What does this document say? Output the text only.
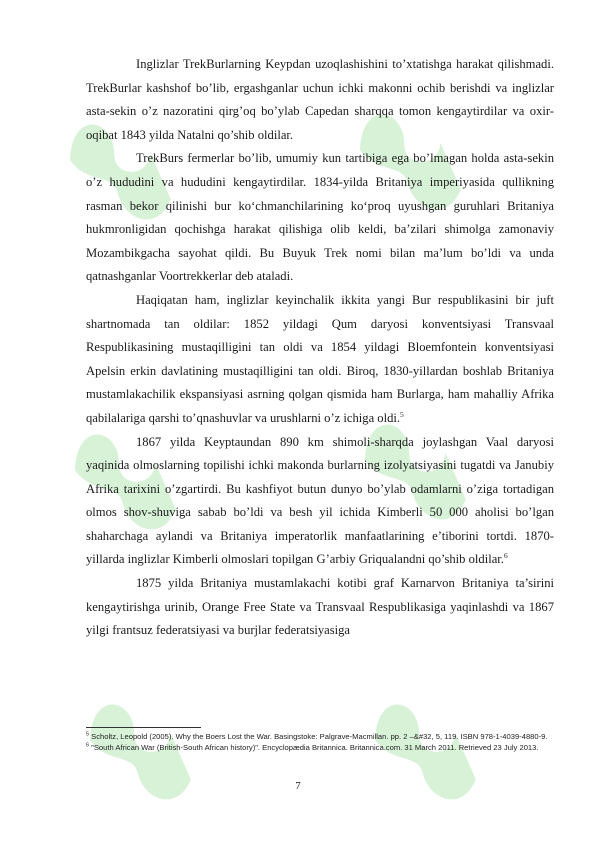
Inglizlar TrekBurlarning Keypdan uzoqlashishini to’xtatishga harakat qilishmadi. TrekBurlar kashshof bo’lib, ergashganlar uchun ichki makonni ochib berishdi va inglizlar asta-sekin o’z nazoratini qirg’oq bo’ylab Capedan sharqqa tomon kengaytirdilar va oxir-oqibat 1843 yilda Natalni qo’shib oldilar.

TrekBurs fermerlar bo’lib, umumiy kun tartibiga ega bo’lmagan holda asta-sekin o’z hududini va hududini kengaytirdilar. 1834-yilda Britaniya imperiyasida qullikning rasman bekor qilinishi bur ko‘chmanchilarining ko‘proq uyushgan guruhlari Britaniya hukmronligidan qochishga harakat qilishiga olib keldi, ba’zilari shimolga zamonaviy Mozambikgacha sayohat qildi. Bu Buyuk Trek nomi bilan ma’lum bo’ldi va unda qatnashganlar Voortrekkerlar deb ataladi.

Haqiqatan ham, inglizlar keyinchalik ikkita yangi Bur respublikasini bir juft shartnomada tan oldilar: 1852 yildagi Qum daryosi konventsiyasi Transvaal Respublikasining mustaqilligini tan oldi va 1854 yildagi Bloemfontein konventsiyasi Apelsin erkin davlatining mustaqilligini tan oldi. Biroq, 1830-yillardan boshlab Britaniya mustamlakachilik ekspansiyasi asrning qolgan qismida ham Burlarga, ham mahalliy Afrika qabilalariga qarshi to’qnashuvlar va urushlarni o’z ichiga oldi.$^5$

1867 yilda Keyptaundan 890 km shimoli-sharqda joylashgan Vaal daryosi yaqinida olmoslarning topilishi ichki makonda burlarning izolyatsiyasini tugatdi va Janubiy Afrika tarixini o’zgartirdi. Bu kashfiyot butun dunyo bo’ylab odamlarni o’ziga tortadigan olmos shov-shuviga sabab bo’ldi va besh yil ichida Kimberli 50 000 aholisi bo’lgan shaharchaga aylandi va Britaniya imperatorlik manfaatlarining e’tiborini tortdi. 1870-yillarda inglizlar Kimberli olmoslari topilgan G’arbiy Griqualandni qo’shib oldilar.$^6$

1875 yilda Britaniya mustamlakachi kotibi graf Karnarvon Britaniya ta’sirini kengaytirishga urinib, Orange Free State va Transvaal Respublikasiga yaqinlashdi va 1867 yilgi frantsuz federatsiyasi va burjlar federatsiyasiga

$^5$ Scholtz, Leopold (2005). Why the Boers Lost the War. Basingstoke: Palgrave-Macmillan. pp. 2 –&#32, 5, 119. ISBN 978-1-4039-4880-9.

$^6$ "South African War (British-South African history)". Encyclopædia Britannica. Britannica.com. 31 March 2011. Retrieved 23 July 2013.

7
